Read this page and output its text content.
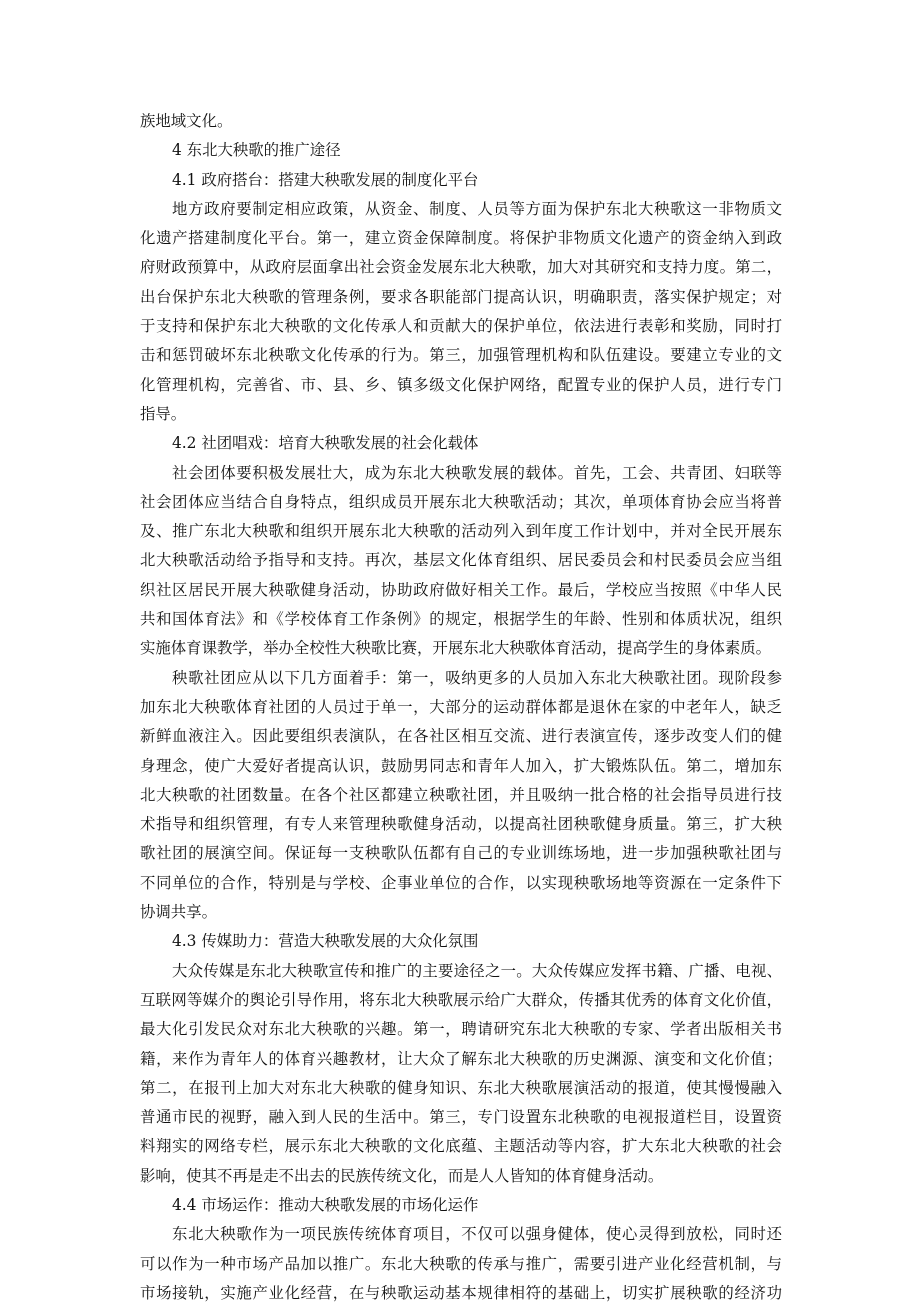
族地域文化。
4 东北大秧歌的推广途径
4.1 政府搭台：搭建大秧歌发展的制度化平台
地方政府要制定相应政策，从资金、制度、人员等方面为保护东北大秧歌这一非物质文
化遗产搭建制度化平台。第一，建立资金保障制度。将保护非物质文化遗产的资金纳入到政
府财政预算中，从政府层面拿出社会资金发展东北大秧歌，加大对其研究和支持力度。第二，
出台保护东北大秧歌的管理条例，要求各职能部门提高认识，明确职责，落实保护规定；对
于支持和保护东北大秧歌的文化传承人和贡献大的保护单位，依法进行表彰和奖励，同时打
击和惩罚破坏东北秧歌文化传承的行为。第三，加强管理机构和队伍建设。要建立专业的文
化管理机构，完善省、市、县、乡、镇多级文化保护网络，配置专业的保护人员，进行专门
指导。
4.2 社团唱戏：培育大秧歌发展的社会化载体
社会团体要积极发展壮大，成为东北大秧歌发展的载体。首先，工会、共青团、妇联等
社会团体应当结合自身特点，组织成员开展东北大秧歌活动；其次，单项体育协会应当将普
及、推广东北大秧歌和组织开展东北大秧歌的活动列入到年度工作计划中，并对全民开展东
北大秧歌活动给予指导和支持。再次，基层文化体育组织、居民委员会和村民委员会应当组
织社区居民开展大秧歌健身活动，协助政府做好相关工作。最后，学校应当按照《中华人民
共和国体育法》和《学校体育工作条例》的规定，根据学生的年龄、性别和体质状况，组织
实施体育课教学，举办全校性大秧歌比赛，开展东北大秧歌体育活动，提高学生的身体素质。
秧歌社团应从以下几方面着手：第一，吸纳更多的人员加入东北大秧歌社团。现阶段参
加东北大秧歌体育社团的人员过于单一，大部分的运动群体都是退休在家的中老年人，缺乏
新鲜血液注入。因此要组织表演队，在各社区相互交流、进行表演宣传，逐步改变人们的健
身理念，使广大爱好者提高认识，鼓励男同志和青年人加入，扩大锻炼队伍。第二，增加东
北大秧歌的社团数量。在各个社区都建立秧歌社团，并且吸纳一批合格的社会指导员进行技
术指导和组织管理，有专人来管理秧歌健身活动，以提高社团秧歌健身质量。第三，扩大秧
歌社团的展演空间。保证每一支秧歌队伍都有自己的专业训练场地，进一步加强秧歌社团与
不同单位的合作，特别是与学校、企事业单位的合作，以实现秧歌场地等资源在一定条件下
协调共享。
4.3 传媒助力：营造大秧歌发展的大众化氛围
大众传媒是东北大秧歌宣传和推广的主要途径之一。大众传媒应发挥书籍、广播、电视、
互联网等媒介的舆论引导作用，将东北大秧歌展示给广大群众，传播其优秀的体育文化价值，
最大化引发民众对东北大秧歌的兴趣。第一，聘请研究东北大秧歌的专家、学者出版相关书
籍，来作为青年人的体育兴趣教材，让大众了解东北大秧歌的历史渊源、演变和文化价值；
第二，在报刊上加大对东北大秧歌的健身知识、东北大秧歌展演活动的报道，使其慢慢融入
普通市民的视野，融入到人民的生活中。第三，专门设置东北秧歌的电视报道栏目，设置资
料翔实的网络专栏，展示东北大秧歌的文化底蕴、主题活动等内容，扩大东北大秧歌的社会
影响，使其不再是走不出去的民族传统文化，而是人人皆知的体育健身活动。
4.4 市场运作：推动大秧歌发展的市场化运作
东北大秧歌作为一项民族传统体育项目，不仅可以强身健体，使心灵得到放松，同时还
可以作为一种市场产品加以推广。东北大秧歌的传承与推广，需要引进产业化经营机制，与
市场接轨，实施产业化经营，在与秧歌运动基本规律相符的基础上，切实扩展秧歌的经济功
